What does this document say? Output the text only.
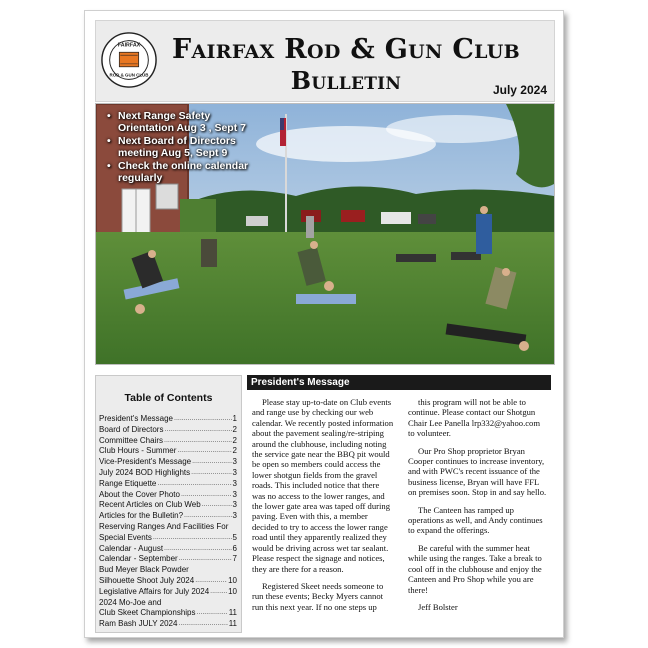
FAIRFAX
ROD & GUN CLUB
Fairfax Rod & Gun Club
Bulletin	July 2024
• Next Range Safety Orientation Aug 3 , Sept 7
• Next Board of Directors meeting Aug 5, Sept 9
• Check the online calendar regularly
Table of Contents
President's Message .....	1
Board of Directors .....	2
Committee Chairs .....	2
Club Hours - Summer .....	2
Vice-President's Message .....	3
July 2024 BOD Highlights .....	3
Range Etiquette .....	3
About the Cover Photo .....	3
Recent Articles on Club Web .....	3
Articles for the Bulletin? .....	3
Reserving Ranges And Facilities For
Special Events .....	5
Calendar - August .....	6
Calendar - September .....	7
Bud Meyer Black Powder
Silhouette Shoot July 2024 .....	10
Legislative Affairs for July 2024 ..... 10
2024 Mo-Joe and
Club Skeet Championships .....	11
Ram Bash JULY 2024 .....	11
President's Message

Please stay up-to-date on Club events and range use by checking our web calendar. We recently posted information about the pavement sealing/re-striping around the clubhouse, including noting the service gate near the BBQ pit would be open so members could access the lower shotgun fields from the gravel roads. This included notice that there was no access to the lower ranges, and the lower gate area was taped off during paving. Even with this, a member decided to try to access the lower range road until they apparently realized they would be driving across wet tar sealant. Please respect the signage and notices, they are there for a reason.

Registered Skeet needs someone to run these events; Becky Myers cannot run this next year. If no one steps up

this program will not be able to continue. Please contact our Shotgun Chair Lee Panella lrp332@yahoo.com to volunteer.

Our Pro Shop proprietor Bryan Cooper continues to increase inventory, and with PWC's recent issuance of the business license, Bryan will have FFL on premises soon. Stop in and say hello.

The Canteen has ramped up operations as well, and Andy continues to expand the offerings.

Be careful with the summer heat while using the ranges. Take a break to cool off in the clubhouse and enjoy the Canteen and Pro Shop while you are there!

Jeff Bolster
